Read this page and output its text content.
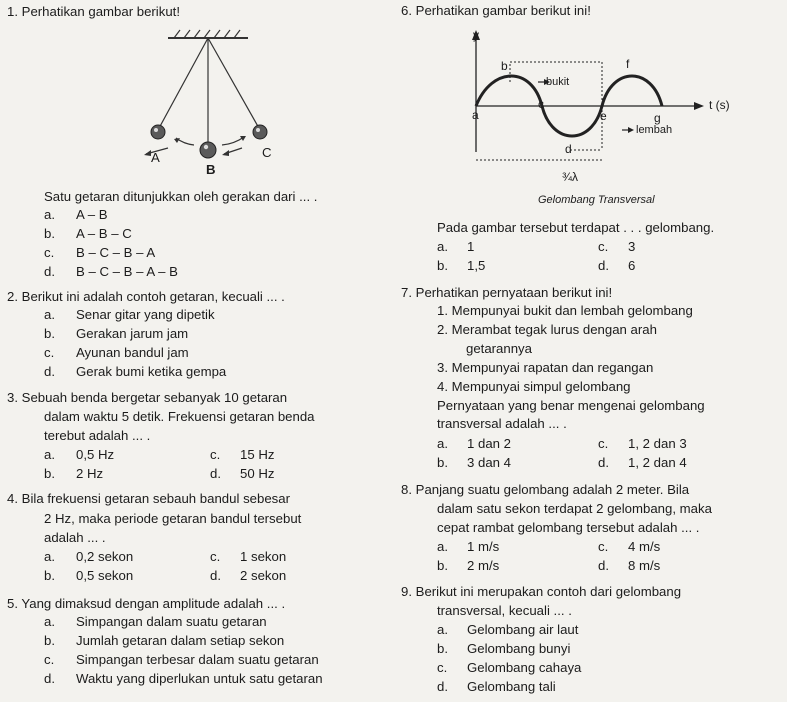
1. Perhatikan gambar berikut!
A
B
C
Satu getaran ditunjukkan oleh gerakan dari ... .
a. A – B
b. A – B – C
c. B – C – B – A
d. B – C – B – A – B
2. Berikut ini adalah contoh getaran, kecuali ... .
a. Senar gitar yang dipetik
b. Gerakan jarum jam
c. Ayunan bandul jam
d. Gerak bumi ketika gempa
3. Sebuah benda bergetar sebanyak 10 getaran
dalam waktu 5 detik. Frekuensi getaran benda
terebut adalah ... .
a. 0,5 Hz	c. 15 Hz
b. 2 Hz	d. 50 Hz
4. Bila frekuensi getaran sebauh bandul sebesar
2 Hz, maka periode getaran bandul tersebut
adalah ... .
a. 0,2 sekon	c. 1 sekon
b. 0,5 sekon	d. 2 sekon
5. Yang dimaksud dengan amplitude adalah ... .
a. Simpangan dalam suatu getaran
b. Jumlah getaran dalam setiap sekon
c. Simpangan terbesar dalam suatu getaran
d. Waktu yang diperlukan untuk satu getaran
6. Perhatikan gambar berikut ini!
y
b	f
bukit
c
a	e	g
t (s)
lembah
d
¾λ
Gelombang Transversal
Pada gambar tersebut terdapat . . . gelombang.
a. 1	c. 3
b. 1,5	d. 6
7. Perhatikan pernyataan berikut ini!
1. Mempunyai bukit dan lembah gelombang
2. Merambat tegak lurus dengan arah
getarannya
3. Mempunyai rapatan dan regangan
4. Mempunyai simpul gelombang
Pernyataan yang benar mengenai gelombang
transversal adalah ... .
a. 1 dan 2	c. 1, 2 dan 3
b. 3 dan 4	d. 1, 2 dan 4
8. Panjang suatu gelombang adalah 2 meter. Bila
dalam satu sekon terdapat 2 gelombang, maka
cepat rambat gelombang tersebut adalah ... .
a. 1 m/s	c. 4 m/s
b. 2 m/s	d. 8 m/s
9. Berikut ini merupakan contoh dari gelombang
transversal, kecuali ... .
a. Gelombang air laut
b. Gelombang bunyi
c. Gelombang cahaya
d. Gelombang tali
